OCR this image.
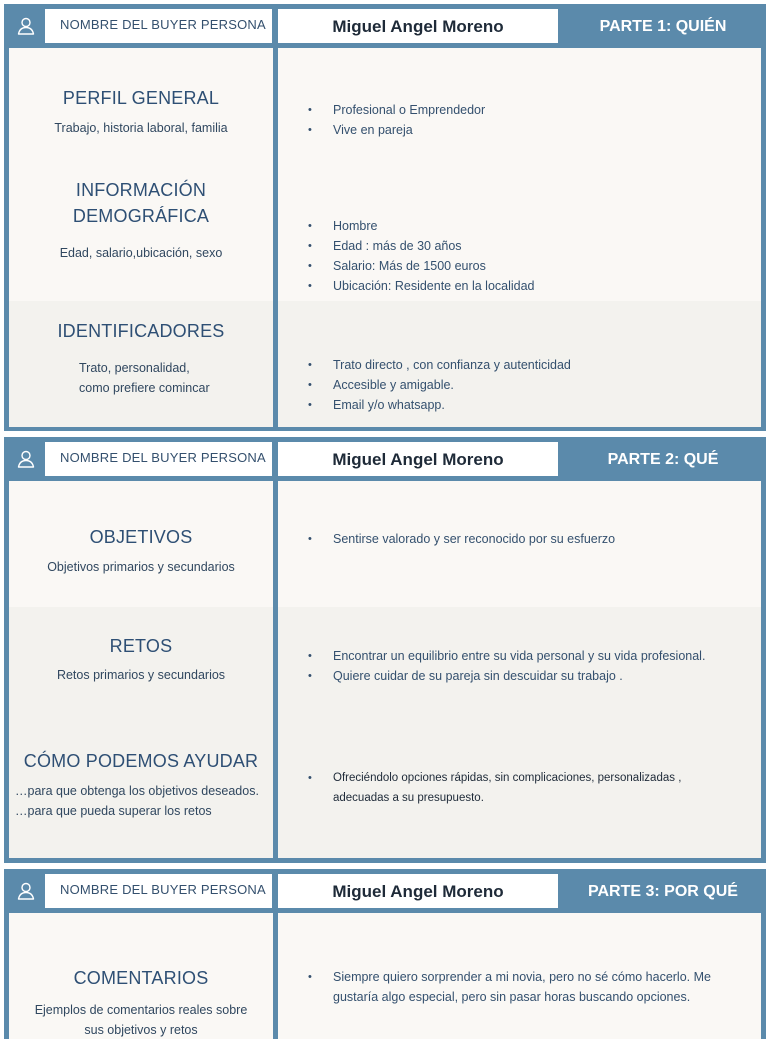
NOMBRE DEL BUYER PERSONA	Miguel Angel Moreno	PARTE 1: QUIÉN
PERFIL GENERAL
Trabajo, historia laboral, familia
• Profesional o Emprendedor
• Vive en pareja
INFORMACIÓN
DEMOGRÁFICA
Edad, salario,ubicación, sexo
• Hombre
• Edad : más de 30 años
• Salario: Más de 1500 euros
• Ubicación: Residente en la localidad
IDENTIFICADORES
Trato, personalidad,
como prefiere comincar
• Trato directo , con confianza y autenticidad
• Accesible y amigable.
• Email y/o whatsapp.
NOMBRE DEL BUYER PERSONA	Miguel Angel Moreno	PARTE 2: QUÉ
OBJETIVOS
Objetivos primarios y secundarios
• Sentirse valorado y ser reconocido por su esfuerzo
RETOS
Retos primarios y secundarios
• Encontrar un equilibrio entre su vida personal y su vida profesional.
• Quiere cuidar de su pareja sin descuidar su trabajo .
CÓMO PODEMOS AYUDAR
…para que obtenga los objetivos deseados.
…para que pueda superar los retos
• Ofreciéndolo opciones rápidas, sin complicaciones, personalizadas ,
adecuadas a su presupuesto.
NOMBRE DEL BUYER PERSONA	Miguel Angel Moreno	PARTE 3: POR QUÉ
COMENTARIOS
Ejemplos de comentarios reales sobre
sus objetivos y retos
• Siempre quiero sorprender a mi novia, pero no sé cómo hacerlo. Me
gustaría algo especial, pero sin pasar horas buscando opciones.
